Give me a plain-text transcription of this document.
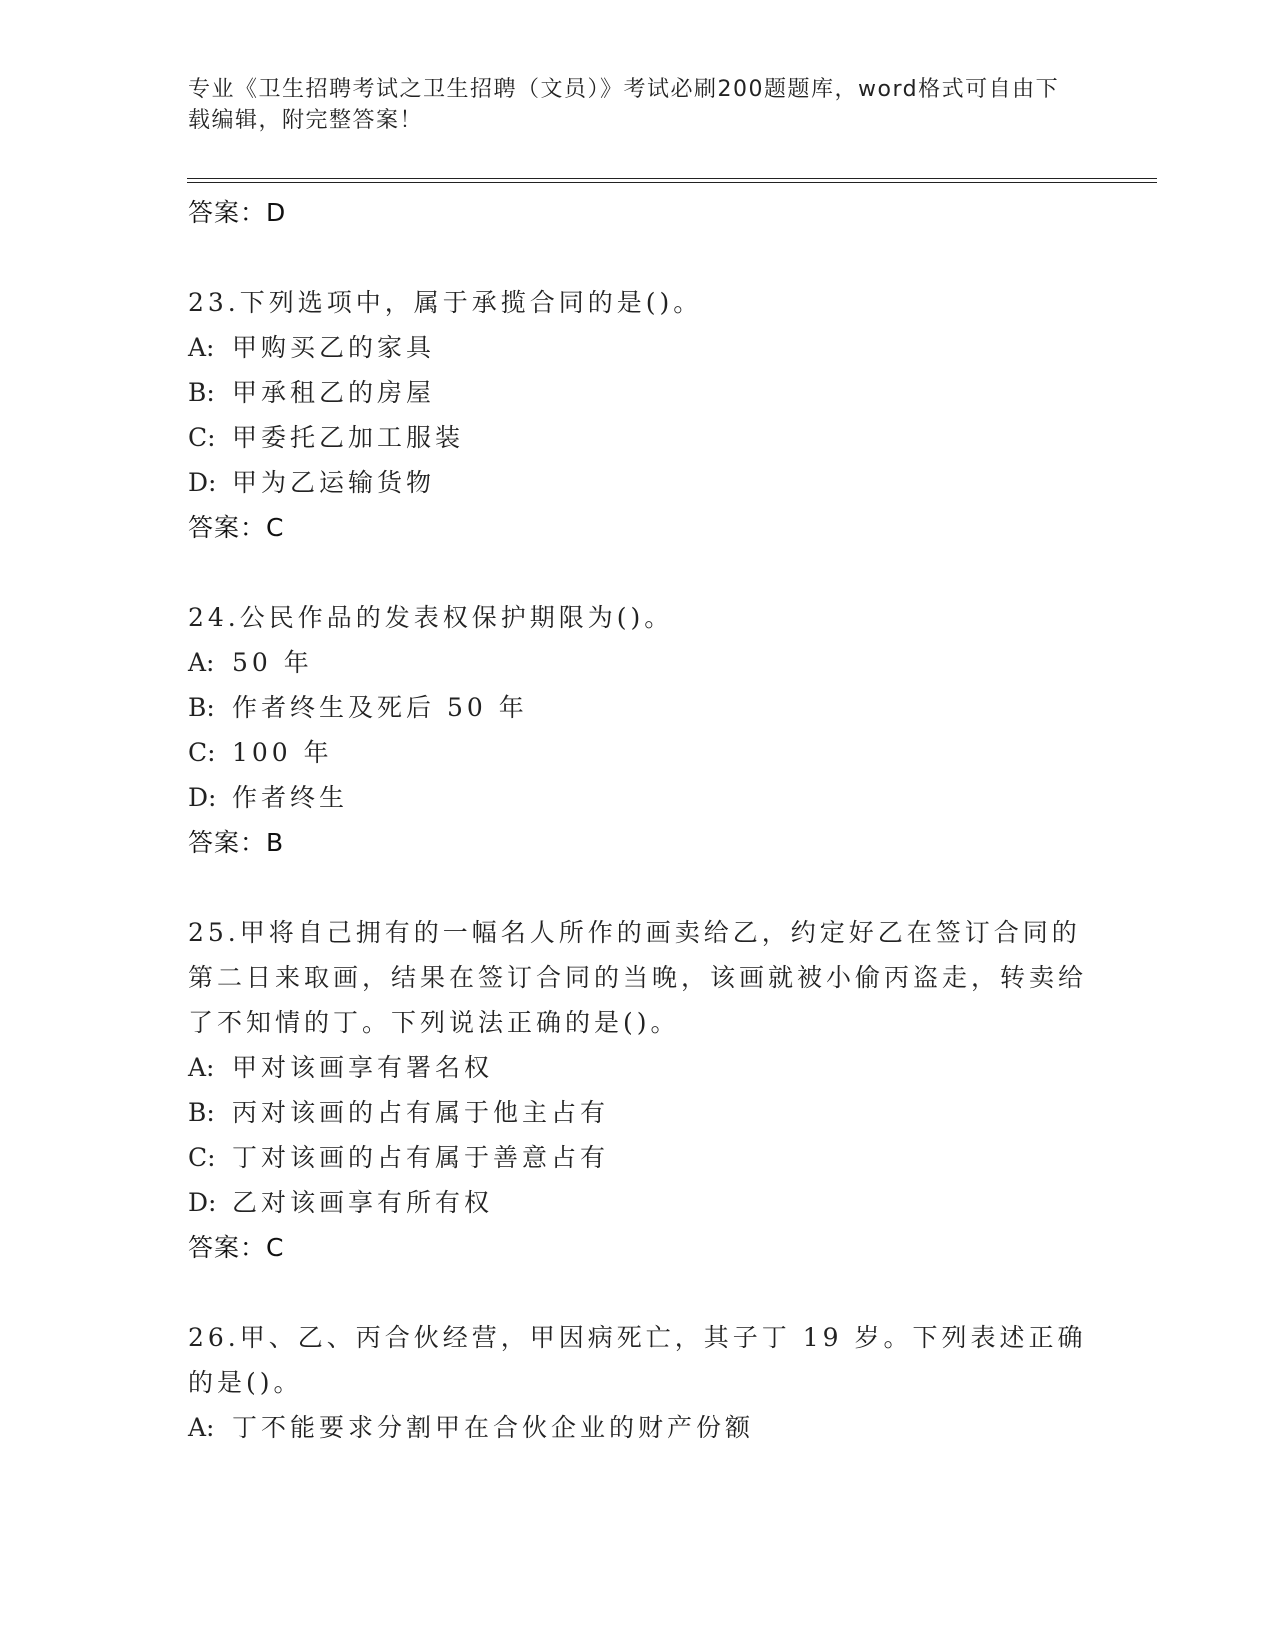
专业《卫生招聘考试之卫生招聘（文员）》考试必刷200题题库，word格式可自由下载编辑，附完整答案！
答案：D
23.下列选项中，属于承揽合同的是()。
A: 甲购买乙的家具
B: 甲承租乙的房屋
C: 甲委托乙加工服装
D: 甲为乙运输货物
答案：C
24.公民作品的发表权保护期限为()。
A: 50 年
B: 作者终生及死后 50 年
C: 100 年
D: 作者终生
答案：B
25.甲将自己拥有的一幅名人所作的画卖给乙，约定好乙在签订合同的第二日来取画，结果在签订合同的当晚，该画就被小偷丙盗走，转卖给了不知情的丁。下列说法正确的是()。
A: 甲对该画享有署名权
B: 丙对该画的占有属于他主占有
C: 丁对该画的占有属于善意占有
D: 乙对该画享有所有权
答案：C
26.甲、乙、丙合伙经营，甲因病死亡，其子丁 19 岁。下列表述正确的是()。
A: 丁不能要求分割甲在合伙企业的财产份额
